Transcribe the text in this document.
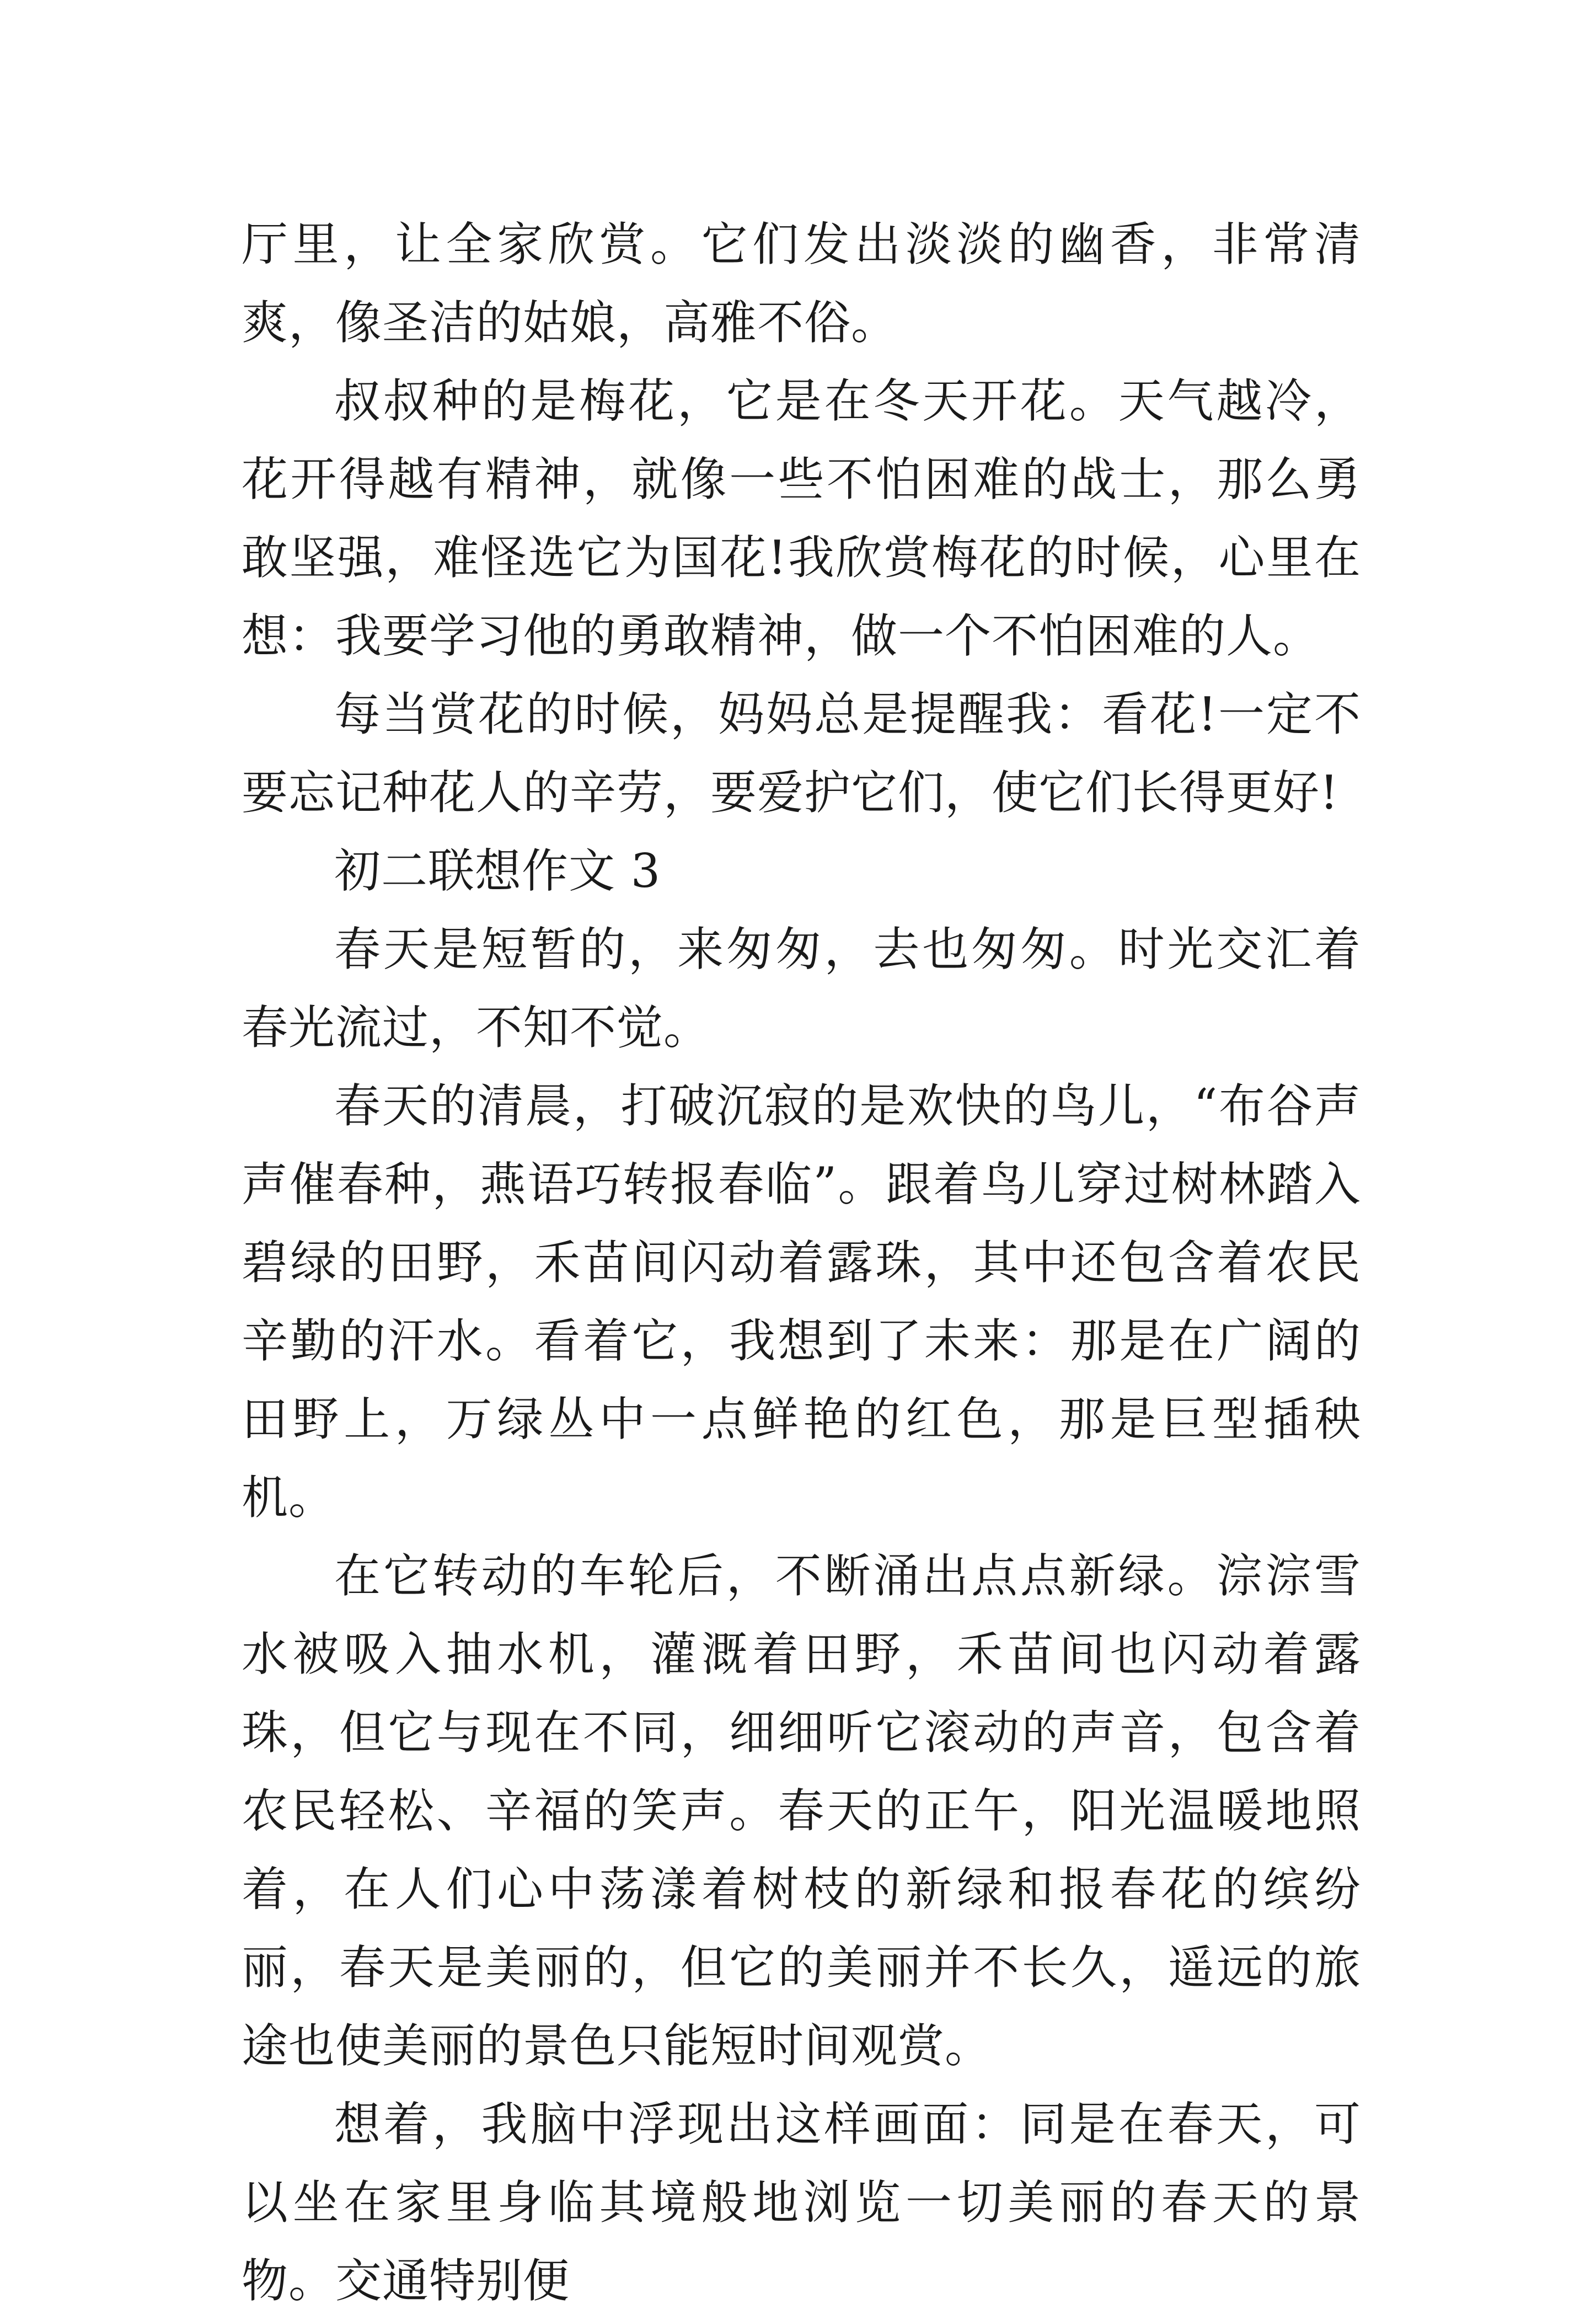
厅里，让全家欣赏。它们发出淡淡的幽香，非常清爽，像圣洁的姑娘，高雅不俗。

叔叔种的是梅花，它是在冬天开花。天气越冷，花开得越有精神，就像一些不怕困难的战士，那么勇敢坚强，难怪选它为国花!我欣赏梅花的时候，心里在想：我要学习他的勇敢精神，做一个不怕困难的人。

每当赏花的时候，妈妈总是提醒我：看花!一定不要忘记种花人的辛劳，要爱护它们，使它们长得更好!

初二联想作文 3

春天是短暂的，来匆匆，去也匆匆。时光交汇着春光流过，不知不觉。

春天的清晨，打破沉寂的是欢快的鸟儿，“布谷声声催春种，燕语巧转报春临”。跟着鸟儿穿过树林踏入碧绿的田野，禾苗间闪动着露珠，其中还包含着农民辛勤的汗水。看着它，我想到了未来：那是在广阔的田野上，万绿丛中一点鲜艳的红色，那是巨型插秧机。

在它转动的车轮后，不断涌出点点新绿。淙淙雪水被吸入抽水机，灌溉着田野，禾苗间也闪动着露珠，但它与现在不同，细细听它滚动的声音，包含着农民轻松、辛福的笑声。春天的正午，阳光温暖地照着，在人们心中荡漾着树枝的新绿和报春花的缤纷　丽，春天是美丽的，但它的美丽并不长久，遥远的旅途也使美丽的景色只能短时间观赏。

想着，我脑中浮现出这样画面：同是在春天，可以坐在家里身临其境般地浏览一切美丽的春天的景物。交通特别便
